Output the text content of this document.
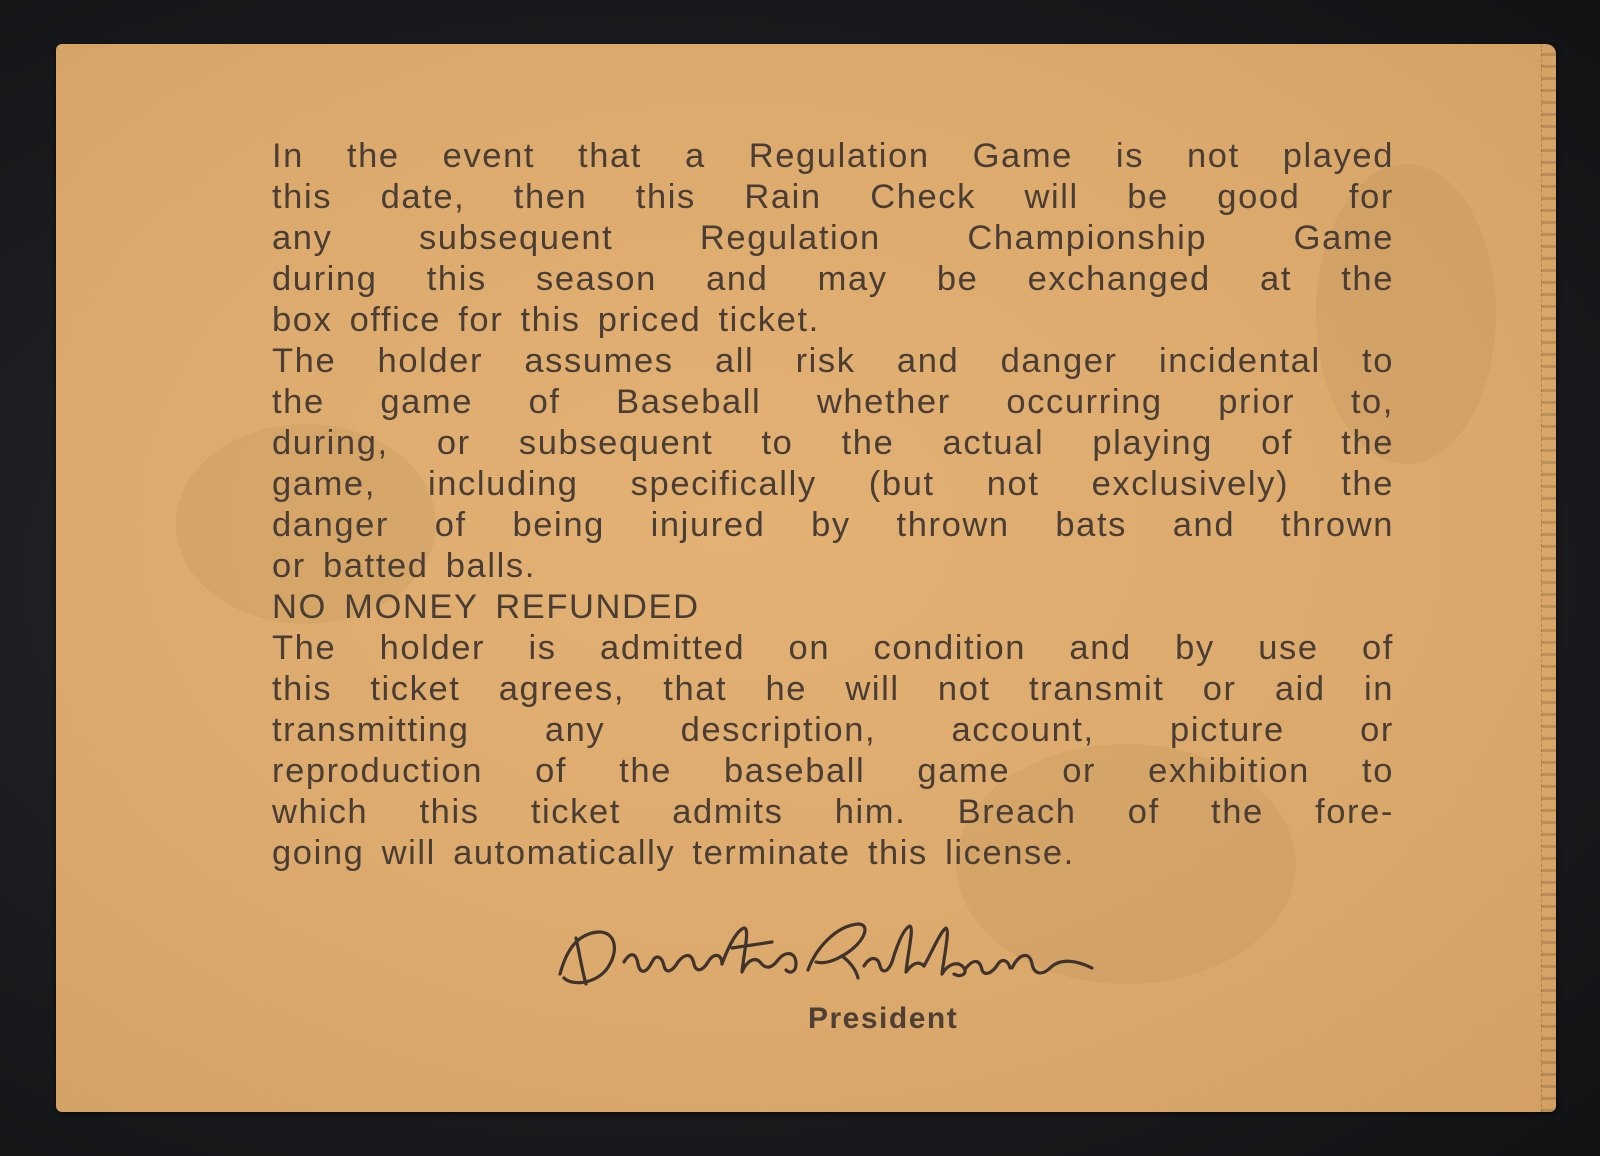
In the event that a Regulation Game is not played
this date, then this Rain Check will be good for
any subsequent Regulation Championship Game
during this season and may be exchanged at the
box office for this priced ticket.
The holder assumes all risk and danger incidental to
the game of Baseball whether occurring prior to,
during, or subsequent to the actual playing of the
game, including specifically (but not exclusively) the
danger of being injured by thrown bats and thrown
or batted balls.
NO MONEY REFUNDED
The holder is admitted on condition and by use of
this ticket agrees, that he will not transmit or aid in
transmitting any description, account, picture or
reproduction of the baseball game or exhibition to
which this ticket admits him. Breach of the fore-
going will automatically terminate this license.
President
